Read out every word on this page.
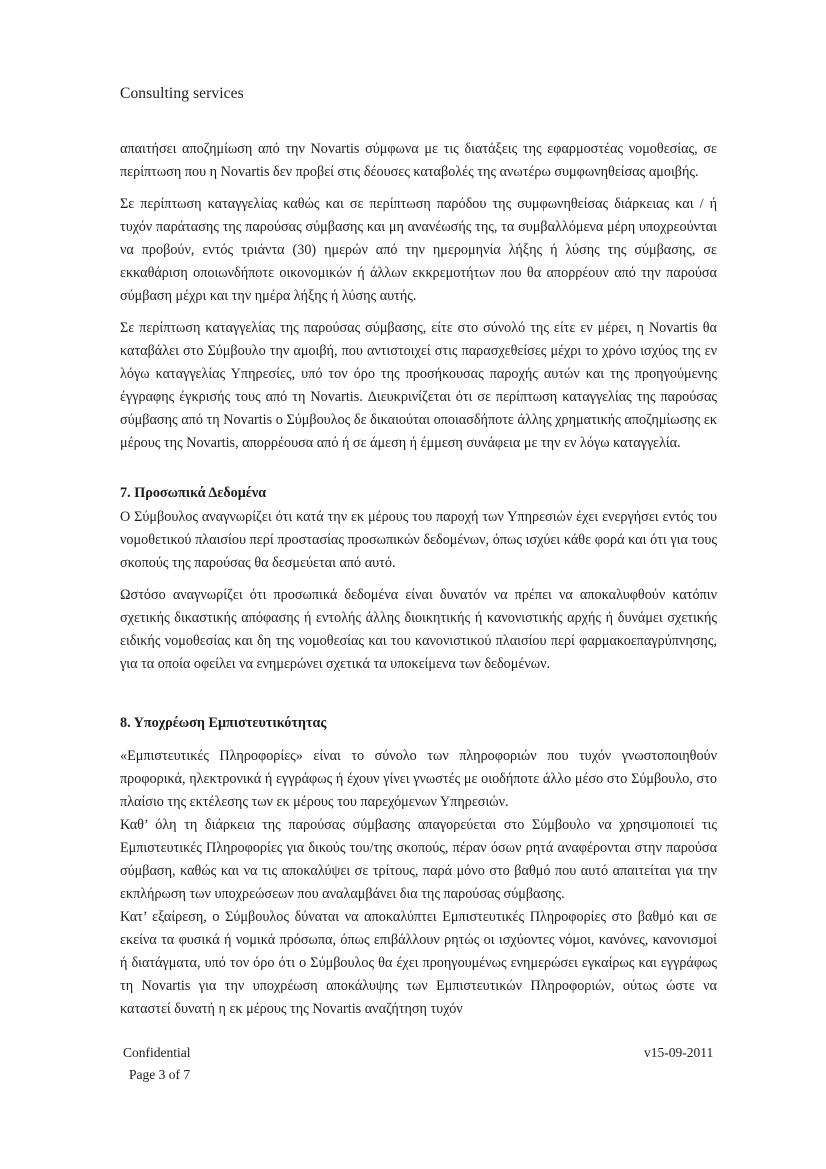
Consulting services

απαιτήσει αποζημίωση από την Novartis σύμφωνα με τις διατάξεις της εφαρμοστέας νομοθεσίας, σε περίπτωση που η Novartis δεν προβεί στις δέουσες καταβολές της ανωτέρω συμφωνηθείσας αμοιβής.

Σε περίπτωση καταγγελίας καθώς και σε περίπτωση παρόδου της συμφωνηθείσας διάρκειας και / ή τυχόν παράτασης της παρούσας σύμβασης και μη ανανέωσής της, τα συμβαλλόμενα μέρη υποχρεούνται να προβούν, εντός τριάντα (30) ημερών από την ημερομηνία λήξης ή λύσης της σύμβασης, σε εκκαθάριση οποιωνδήποτε οικονομικών ή άλλων εκκρεμοτήτων που θα απορρέουν από την παρούσα σύμβαση μέχρι και την ημέρα λήξης ή λύσης αυτής.

Σε περίπτωση καταγγελίας της παρούσας σύμβασης, είτε στο σύνολό της είτε εν μέρει, η Novartis θα καταβάλει στο Σύμβουλο την αμοιβή, που αντιστοιχεί στις παρασχεθείσες μέχρι το χρόνο ισχύος της εν λόγω καταγγελίας Υπηρεσίες, υπό τον όρο της προσήκουσας παροχής αυτών και της προηγούμενης έγγραφης έγκρισής τους από τη Novartis. Διευκρινίζεται ότι σε περίπτωση καταγγελίας της παρούσας σύμβασης από τη Novartis ο Σύμβουλος δε δικαιούται οποιασδήποτε άλλης χρηματικής αποζημίωσης εκ μέρους της Novartis, απορρέουσα από ή σε άμεση ή έμμεση συνάφεια με την εν λόγω καταγγελία.

7. Προσωπικά Δεδομένα

Ο Σύμβουλος αναγνωρίζει ότι κατά την εκ μέρους του παροχή των Υπηρεσιών έχει ενεργήσει εντός του νομοθετικού πλαισίου περί προστασίας προσωπικών δεδομένων, όπως ισχύει κάθε φορά και ότι για τους σκοπούς της παρούσας θα δεσμεύεται από αυτό.

Ωστόσο αναγνωρίζει ότι προσωπικά δεδομένα είναι δυνατόν να πρέπει να αποκαλυφθούν κατόπιν σχετικής δικαστικής απόφασης ή εντολής άλλης διοικητικής ή κανονιστικής αρχής ή δυνάμει σχετικής ειδικής νομοθεσίας και δη της νομοθεσίας και του κανονιστικού πλαισίου περί φαρμακοεπαγρύπνησης, για τα οποία οφείλει να ενημερώνει σχετικά τα υποκείμενα των δεδομένων.

8. Υποχρέωση Εμπιστευτικότητας

«Εμπιστευτικές Πληροφορίες» είναι το σύνολο των πληροφοριών που τυχόν γνωστοποιηθούν προφορικά, ηλεκτρονικά ή εγγράφως ή έχουν γίνει γνωστές με οιοδήποτε άλλο μέσο στο Σύμβουλο, στο πλαίσιο της εκτέλεσης των εκ μέρους του παρεχόμενων Υπηρεσιών.

Καθ’ όλη τη διάρκεια της παρούσας σύμβασης απαγορεύεται στο Σύμβουλο να χρησιμοποιεί τις Εμπιστευτικές Πληροφορίες για δικούς του/της σκοπούς, πέραν όσων ρητά αναφέρονται στην παρούσα σύμβαση, καθώς και να τις αποκαλύψει σε τρίτους, παρά μόνο στο βαθμό που αυτό απαιτείται για την εκπλήρωση των υποχρεώσεων που αναλαμβάνει δια της παρούσας σύμβασης.

Κατ’ εξαίρεση, ο Σύμβουλος δύναται να αποκαλύπτει Εμπιστευτικές Πληροφορίες στο βαθμό και σε εκείνα τα φυσικά ή νομικά πρόσωπα, όπως επιβάλλουν ρητώς οι ισχύοντες νόμοι, κανόνες, κανονισμοί ή διατάγματα, υπό τον όρο ότι ο Σύμβουλος θα έχει προηγουμένως ενημερώσει εγκαίρως και εγγράφως τη Novartis για την υποχρέωση αποκάλυψης των Εμπιστευτικών Πληροφοριών, ούτως ώστε να καταστεί δυνατή η εκ μέρους της Novartis αναζήτηση τυχόν

Confidential
Page 3 of 7
v15-09-2011
